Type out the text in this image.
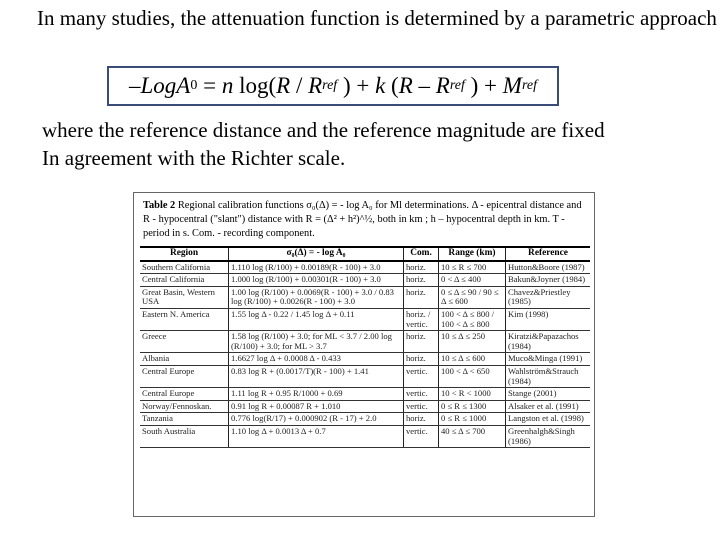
In many studies, the attenuation function is determined by a parametric approach
– LogA 0 = n log( R / R ref ) + k ( R – R ref ) + M ref
where the reference distance and the reference magnitude are fixed
In agreement with the Richter scale.
Table 2 Regional calibration functions σ₀(Δ) = - log A₀ for Ml determinations. Δ - epicentral distance and R - hypocentral ("slant") distance with R = (Δ² + h²)^½, both in km ; h – hypocentral depth in km. T - period in s. Com. - recording component.
Region	σ₀(Δ) = - log A₀	Com.	Range (km)	Reference
Southern California	1.110 log (R/100) + 0.00189(R - 100) + 3.0	horiz.	10 ≤ R ≤ 700	Hutton&Boore (1987)
Central California	1.000 log (R/100) + 0.00301(R - 100) + 3.0	horiz.	0 < Δ ≤ 400	Bakun&Joyner (1984)
Great Basin, Western USA	1.00 log (R/100) + 0.0069(R - 100) + 3.0 / 0.83 log (R/100) + 0.0026(R - 100) + 3.0	horiz.	0 ≤ Δ ≤ 90 / 90 ≤ Δ ≤ 600	Chavez&Priestley (1985)
Eastern N. America	1.55 log Δ - 0.22 / 1.45 log Δ + 0.11	horiz. / vertic.	100 < Δ ≤ 800 / 100 < Δ ≤ 800	Kim (1998)
Greece	1.58 log (R/100) + 3.0; for ML < 3.7 / 2.00 log (R/100) + 3.0; for ML > 3.7	horiz.	10 ≤ Δ ≤ 250	Kiratzi&Papazachos (1984)
Albania	1.6627 log Δ + 0.0008 Δ - 0.433	horiz.	10 ≤ Δ ≤ 600	Muco&Minga (1991)
Central Europe	0.83 log R + (0.0017/T)(R - 100) + 1.41	vertic.	100 < Δ < 650	Wahlström&Strauch (1984)
Central Europe	1.11 log R + 0.95 R/1000 + 0.69	vertic.	10 < R < 1000	Stange (2001)
Norway/Fennoskan.	0.91 log R + 0.00087 R + 1.010	vertic.	0 ≤ R ≤ 1300	Alsaker et al. (1991)
Tanzania	0.776 log(R/17) + 0.000902 (R - 17) + 2.0	horiz.	0 ≤ R ≤ 1000	Langston et al. (1998)
South Australia	1.10 log Δ + 0.0013 Δ + 0.7	vertic.	40 ≤ Δ ≤ 700	Greenhalgh&Singh (1986)
